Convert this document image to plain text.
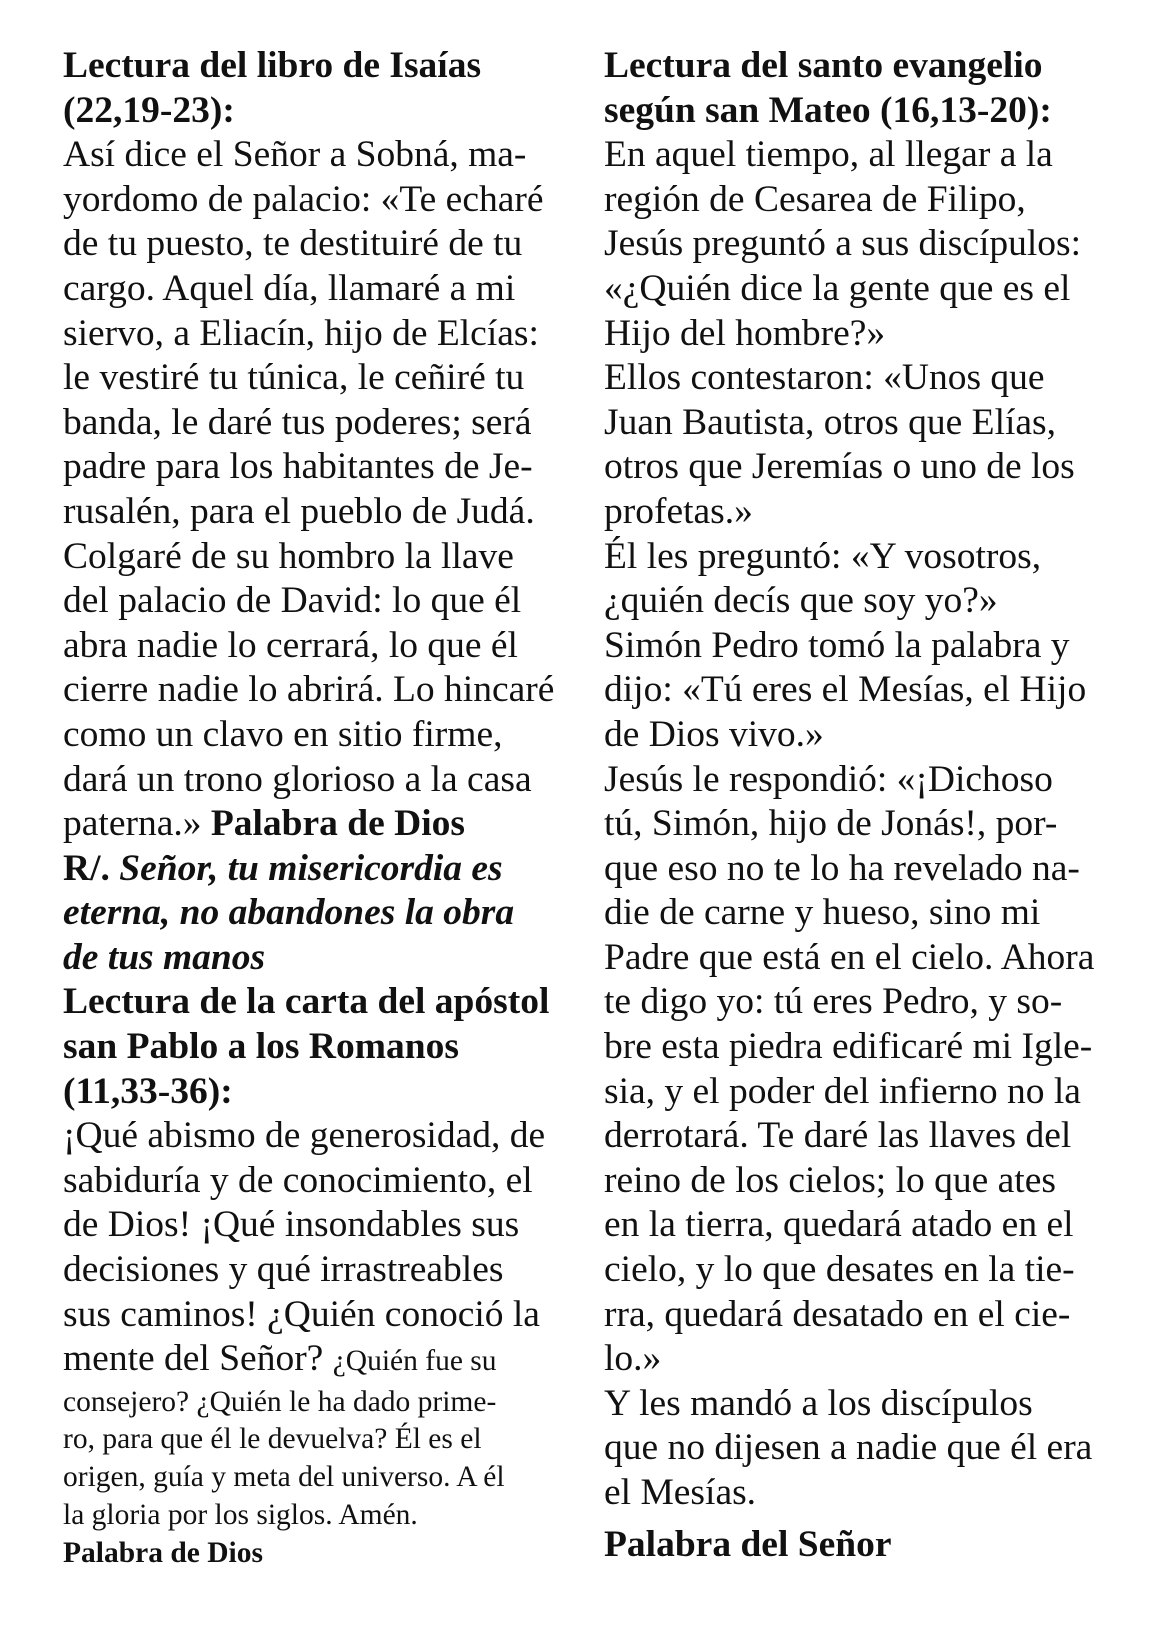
Lectura del libro de Isaías
(22,19-23):
Así dice el Señor a Sobná, ma-
yordomo de palacio: «Te echaré
de tu puesto, te destituiré de tu
cargo. Aquel día, llamaré a mi
siervo, a Eliacín, hijo de Elcías:
le vestiré tu túnica, le ceñiré tu
banda, le daré tus poderes; será
padre para los habitantes de Je-
rusalén, para el pueblo de Judá.
Colgaré de su hombro la llave
del palacio de David: lo que él
abra nadie lo cerrará, lo que él
cierre nadie lo abrirá. Lo hincaré
como un clavo en sitio firme,
dará un trono glorioso a la casa
paterna.» Palabra de Dios
R/. Señor, tu misericordia es
eterna, no abandones la obra
de tus manos
Lectura de la carta del apóstol
san Pablo a los Romanos
(11,33-36):
¡Qué abismo de generosidad, de
sabiduría y de conocimiento, el
de Dios! ¡Qué insondables sus
decisiones y qué irrastreables
sus caminos! ¿Quién conoció la
mente del Señor? ¿Quién fue su
consejero? ¿Quién le ha dado prime-
ro, para que él le devuelva? Él es el
origen, guía y meta del universo. A él
la gloria por los siglos. Amén.
Palabra de Dios
Lectura del santo evangelio
según san Mateo (16,13-20):
En aquel tiempo, al llegar a la
región de Cesarea de Filipo,
Jesús preguntó a sus discípulos:
«¿Quién dice la gente que es el
Hijo del hombre?»
Ellos contestaron: «Unos que
Juan Bautista, otros que Elías,
otros que Jeremías o uno de los
profetas.»
Él les preguntó: «Y vosotros,
¿quién decís que soy yo?»
Simón Pedro tomó la palabra y
dijo: «Tú eres el Mesías, el Hijo
de Dios vivo.»
Jesús le respondió: «¡Dichoso
tú, Simón, hijo de Jonás!, por-
que eso no te lo ha revelado na-
die de carne y hueso, sino mi
Padre que está en el cielo. Ahora
te digo yo: tú eres Pedro, y so-
bre esta piedra edificaré mi Igle-
sia, y el poder del infierno no la
derrotará. Te daré las llaves del
reino de los cielos; lo que ates
en la tierra, quedará atado en el
cielo, y lo que desates en la tie-
rra, quedará desatado en el cie-
lo.»
Y les mandó a los discípulos
que no dijesen a nadie que él era
el Mesías.
Palabra del Señor
